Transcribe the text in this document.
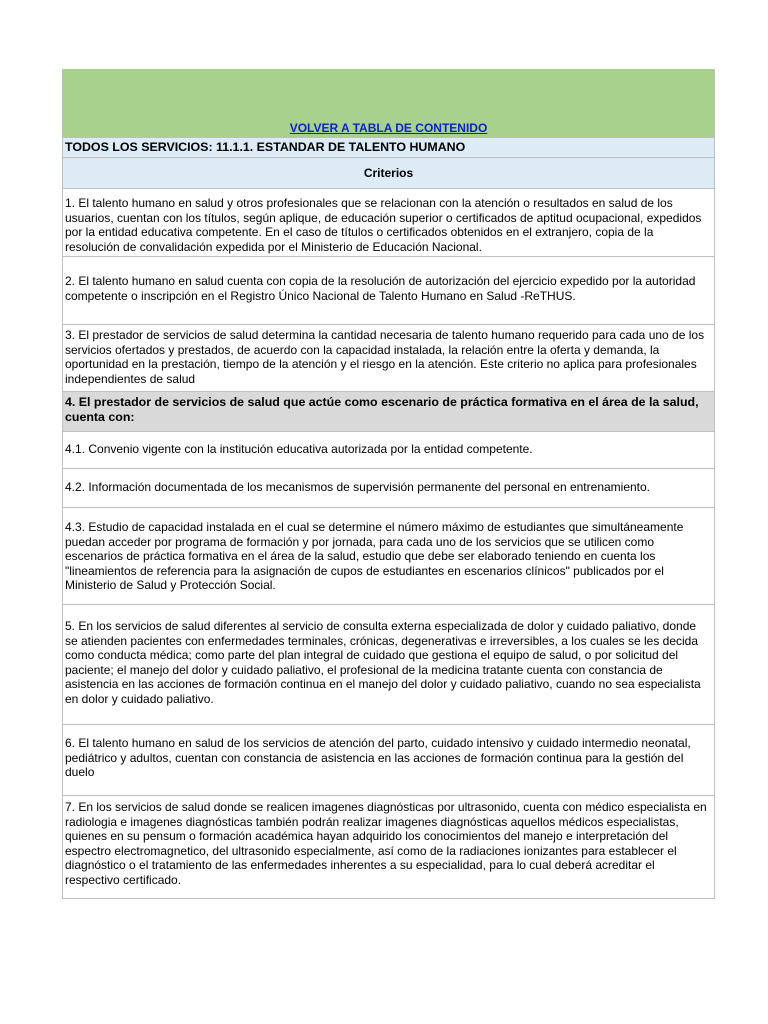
VOLVER A TABLA DE CONTENIDO
TODOS LOS SERVICIOS: 11.1.1. ESTANDAR DE TALENTO HUMANO
Criterios
1. El talento humano en salud y otros profesionales que se relacionan con la atención o resultados en salud de los usuarios, cuentan con los títulos, según aplique, de educación superior o certificados de aptitud ocupacional, expedidos por la entidad educativa competente. En el caso de títulos o certificados obtenidos en el extranjero, copia de la resolución de convalidación expedida por el Ministerio de Educación Nacional.
2. El talento humano en salud cuenta con copia de la resolución de autorización del ejercicio expedido por la autoridad competente o inscripción en el Registro Único Nacional de Talento Humano en Salud -ReTHUS.
3. El prestador de servicios de salud determina la cantidad necesaria de talento humano requerido para cada uno de los servicios ofertados y prestados, de acuerdo con la capacidad instalada, la relación entre la oferta y demanda, la oportunidad en la prestación, tiempo de la atención y el riesgo en la atención. Este criterio no aplica para profesionales independientes de salud
4. El prestador de servicios de salud que actúe como escenario de práctica formativa en el área de la salud, cuenta con:
4.1. Convenio vigente con la institución educativa autorizada por la entidad competente.
4.2. Información documentada de los mecanismos de supervisión permanente del personal en entrenamiento.
4.3. Estudio de capacidad instalada en el cual se determine el número máximo de estudiantes que simultáneamente puedan acceder por programa de formación y por jornada, para cada uno de los servicios que se utilicen como escenarios de práctica formativa en el área de la salud, estudio que debe ser elaborado teniendo en cuenta los "lineamientos de referencia para la asignación de cupos de estudiantes en escenarios clínicos" publicados por el Ministerio de Salud y Protección Social.
5. En los servicios de salud diferentes al servicio de consulta externa especializada de dolor y cuidado paliativo, donde se atienden pacientes con enfermedades terminales, crónicas, degenerativas e irreversibles, a los cuales se les decida como conducta médica; como parte del plan integral de cuidado que gestiona el equipo de salud, o por solicitud del paciente; el manejo del dolor y cuidado paliativo, el profesional de la medicina tratante cuenta con constancia de asistencia en las acciones de formación continua en el manejo del dolor y cuidado paliativo, cuando no sea especialista en dolor y cuidado paliativo.
6. El talento humano en salud de los servicios de atención del parto, cuidado intensivo y cuidado intermedio neonatal, pediátrico y adultos, cuentan con constancia de asistencia en las acciones de formación continua para la gestión del duelo
7. En los servicios de salud donde se realicen imagenes diagnósticas por ultrasonido, cuenta con médico especialista en radiologia e imagenes diagnósticas también podrán realizar imagenes diagnósticas aquellos médicos especialistas, quienes en su pensum o formación académica hayan adquirido los conocimientos del manejo e interpretación del espectro electromagnetico, del ultrasonido especialmente, así como de la radiaciones ionizantes para establecer el diagnóstico o el tratamiento de las enfermedades inherentes a su especialidad, para lo cual deberá acreditar el respectivo certificado.
